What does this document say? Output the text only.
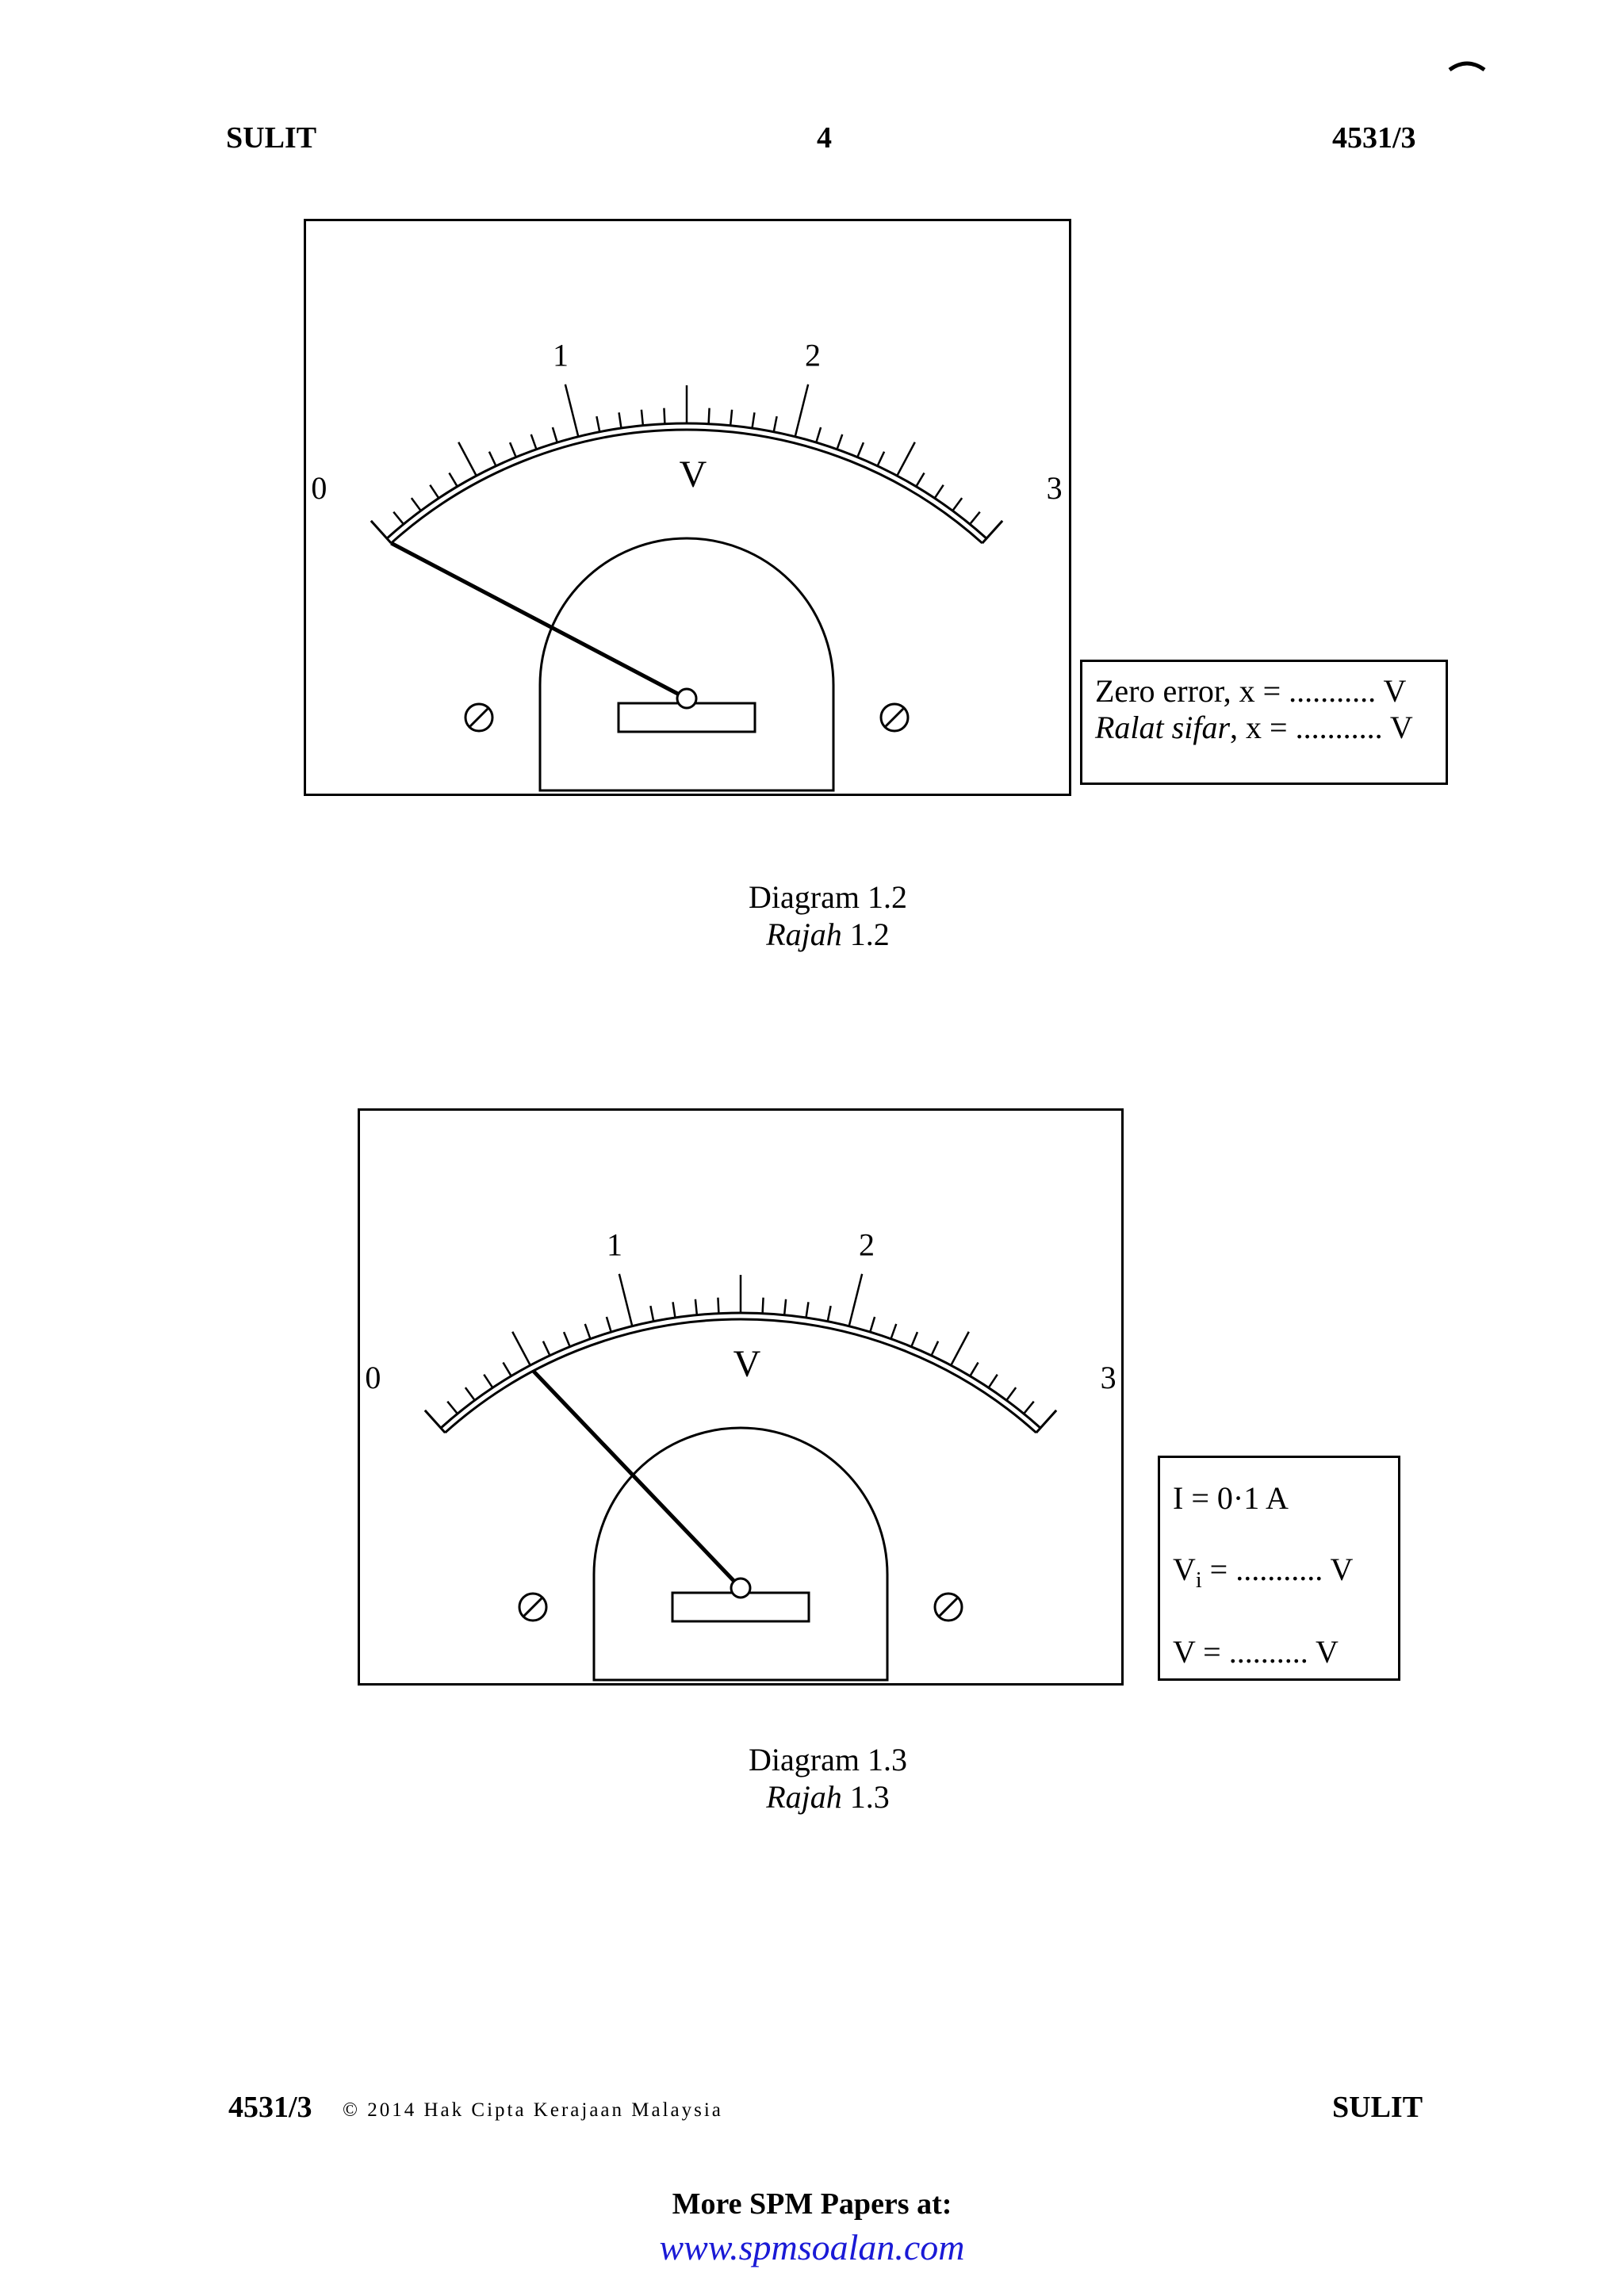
SULIT	4	4531/3
0
1	2
3
V
Zero error, x = ........... V
Ralat sifar, x = ........... V
Diagram 1.2
Rajah 1.2
0
1	2
3
V
I = 0·1 A
$V_i$ = ........... V
V = .......... V
Diagram 1.3
Rajah 1.3
4531/3 © 2014 Hak Cipta Kerajaan Malaysia	SULIT
More SPM Papers at:
www.spmsoalan.com
